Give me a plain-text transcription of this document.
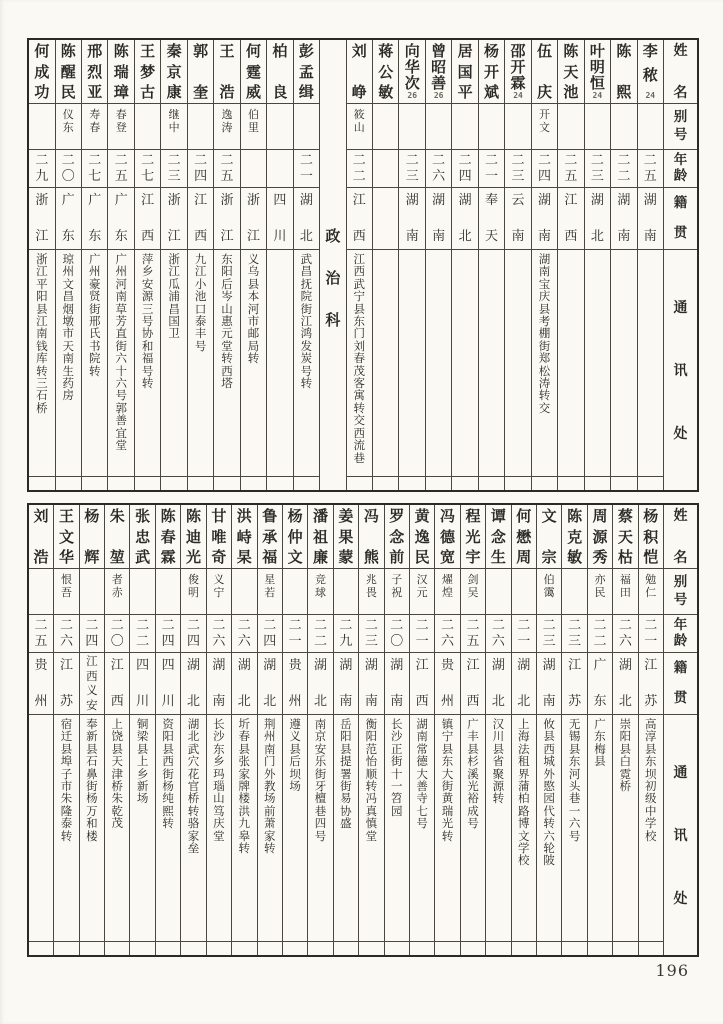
姓
名
别
号
年
龄
籍
贯
通
讯
处
李
秾
24
二
五
湖
南
陈
熙
二
二
湖
南
叶
明
恒
24
二
三
湖
北
陈
天
池
二
五
江
西
伍
庆
开
文
二
四
湖
南
湖
南
宝
庆
县
考
棚
街
郑
松
涛
转
交
邵
开
霖
24
二
三
云
南
杨
开
斌
二
一
奉
天
居
国
平
二
四
湖
北
曾
昭
善
26
二
六
湖
南
向
华
次
26
二
三
湖
南
蒋
公
敏
刘
峥
筱
山
二
二
江
西
江
西
武
宁
县
东
门
刘
春
茂
客
寓
转
交
西
流
巷
政
治
科
彭
孟
缉
二
一
湖
北
武
昌
抚
院
街
江
鸿
发
炭
号
转
柏
良
四
川
何
霆
威
伯
里
浙
江
义
乌
县
本
河
市
邮
局
转
王
浩
逸
涛
二
五
浙
江
东
阳
后
岑
山
惠
元
堂
转
西
塔
郭
奎
二
四
江
西
九
江
小
池
口
泰
丰
号
秦
京
康
继
中
二
三
浙
江
浙
江
瓜
浦
昌
国
卫
王
梦
古
二
七
江
西
萍
乡
安
源
三
号
协
和
福
号
转
陈
瑞
璋
春
登
二
五
广
东
广
州
河
南
草
芳
直
街
六
十
六
号
郭
善
宜
堂
邢
烈
亚
寿
春
二
七
广
东
广
州
豪
贤
街
邢
氏
书
院
转
陈
醒
民
仪
东
二
〇
广
东
琼
州
文
昌
烟
墩
市
天
南
生
药
房
何
成
功
二
九
浙
江
浙
江
平
阳
县
江
南
钱
库
转
三
石
桥
姓
名
别
号
年
龄
籍
贯
通
讯
处
杨
积
恺
勉
仁
二
一
江
苏
高
淳
县
东
坝
初
级
中
学
校
蔡
天
枯
福
田
二
六
湖
北
崇
阳
县
白
霓
桥
周
源
秀
亦
民
二
二
广
东
广
东
梅
县
陈
克
敏
二
三
江
苏
无
锡
县
东
河
头
巷
一
六
号
文
宗
伯
霭
二
三
湖
南
攸
县
西
城
外
愍
园
代
转
六
轮
陂
何
懋
周
二
一
湖
北
上
海
法
租
界
蒲
柏
路
博
文
学
校
谭
念
生
二
六
湖
北
汉
川
县
省
聚
源
转
程
光
宇
剑
吴
二
五
江
西
广
丰
县
杉
溪
光
裕
成
号
冯
德
宽
燿
煌
二
六
贵
州
镇
宁
县
东
大
街
黄
瑞
光
转
黄
逸
民
汉
元
二
一
江
西
湖
南
常
德
大
善
寺
七
号
罗
念
前
子
祝
二
〇
湖
南
长
沙
正
街
十
一
笤
园
冯
熊
兆
畏
二
三
湖
南
衡
阳
范
怡
顺
转
冯
真
慎
堂
姜
果
蒙
二
九
湖
南
岳
阳
县
提
署
街
易
协
盛
潘
祖
廉
竞
球
二
二
湖
北
南
京
安
乐
街
牙
檀
巷
四
号
杨
仲
文
二
一
贵
州
遵
义
县
后
坝
场
鲁
承
福
星
若
二
四
湖
北
荆
州
南
门
外
教
场
前
萧
家
转
洪
峙
杲
二
六
湖
北
圻
春
县
张
家
牌
楼
洪
九
皋
转
甘
唯
奇
义
宁
二
六
湖
南
长
沙
东
乡
玛
瑙
山
笃
庆
堂
陈
迪
光
俊
明
二
四
湖
北
湖
北
武
穴
花
官
桥
转
骆
家
垒
陈
春
霖
二
四
四
川
资
阳
县
西
街
杨
纯
熙
转
张
忠
武
二
二
四
川
铜
梁
县
上
乡
新
场
朱
堃
者
赤
二
〇
江
西
上
饶
县
天
津
桥
朱
乾
茂
杨
辉
二
四
江
西
义
安
奉
新
县
石
鼻
街
杨
万
和
楼
王
文
华
恨
吾
二
六
江
苏
宿
迁
县
埠
子
市
朱
隆
泰
转
刘
浩
二
五
贵
州
196
